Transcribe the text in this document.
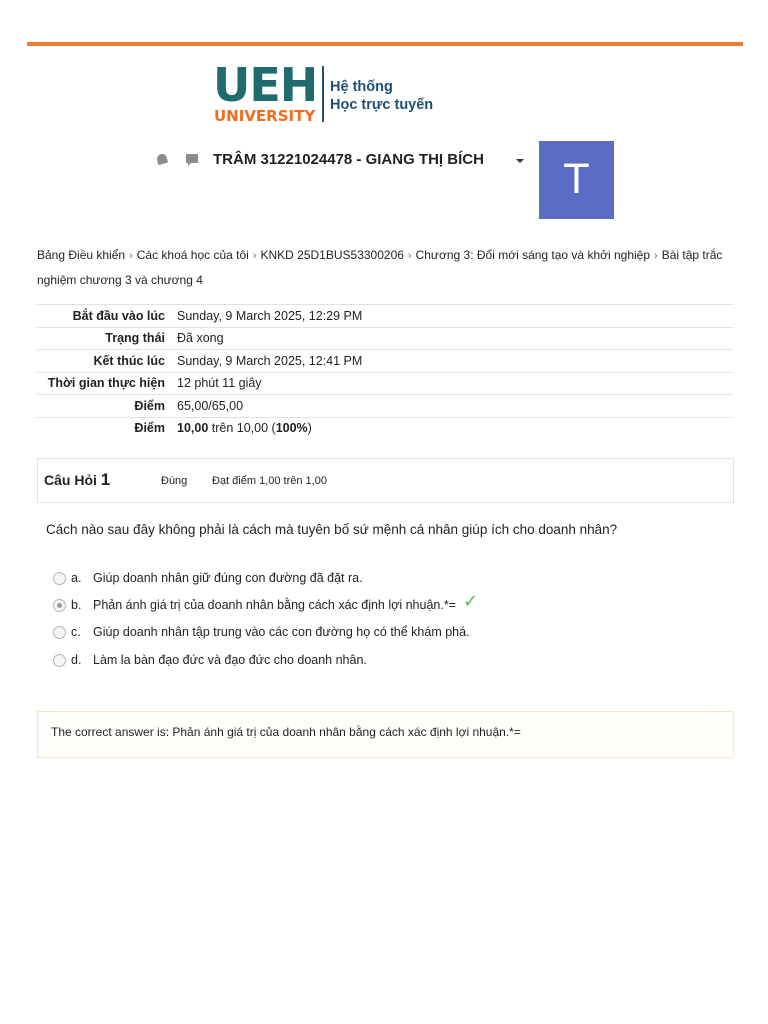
UEH
UNIVERSITY
Hệ thống
Học trực tuyến
TRÂM 31221024478 - GIANG THỊ BÍCH	T
Bảng Điều khiển › Các khoá học của tôi › KNKD 25D1BUS53300206 › Chương 3: Đổi mới sáng tạo và khởi nghiệp › Bài tập trắc nghiệm chương 3 và chương 4
Bắt đầu vào lúc	Sunday, 9 March 2025, 12:29 PM
Trạng thái	Đã xong
Kết thúc lúc	Sunday, 9 March 2025, 12:41 PM
Thời gian thực hiện	12 phút 11 giây
Điểm	65,00/65,00
Điểm	10,00 trên 10,00 (100%)
Câu Hỏi 1	Đúng Đạt điểm 1,00 trên 1,00
Cách nào sau đây không phải là cách mà tuyên bố sứ mệnh cá nhân giúp ích cho doanh nhân?
a. Giúp doanh nhân giữ đúng con đường đã đặt ra.
b. Phản ánh giá trị của doanh nhân bằng cách xác định lợi nhuận.*= ✓
c. Giúp doanh nhân tập trung vào các con đường họ có thể khám phá.
d. Làm la bàn đạo đức và đạo đức cho doanh nhân.
The correct answer is: Phản ánh giá trị của doanh nhân bằng cách xác định lợi nhuận.*=
